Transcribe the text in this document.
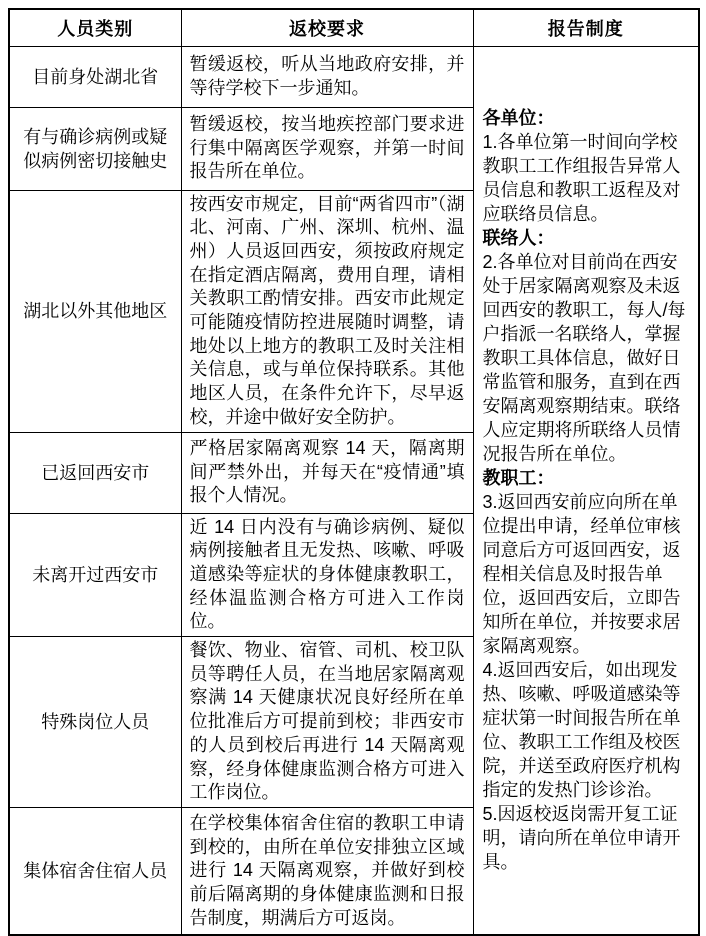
人员类别	返校要求	报告制度
目前身处湖北省	暂缓返校，听从当地政府安排，并等待学校下一步通知。	
各单位：
1.各单位第一时间向学校教职工工作组报告异常人员信息和教职工返程及对应联络员信息。
联络人：
2.各单位对目前尚在西安处于居家隔离观察及未返回西安的教职工，每人/每户指派一名联络人，掌握教职工具体信息，做好日常监管和服务，直到在西安隔离观察期结束。联络人应定期将所联络人员情况报告所在单位。
教职工：
3.返回西安前应向所在单位提出申请，经单位审核同意后方可返回西安，返程相关信息及时报告单位，返回西安后，立即告知所在单位，并按要求居家隔离观察。
4.返回西安后，如出现发热、咳嗽、呼吸道感染等症状第一时间报告所在单位、教职工工作组及校医院，并送至政府医疗机构指定的发热门诊诊治。
5.因返校返岗需开复工证明，请向所在单位申请开具。

有与确诊病例或疑似病例密切接触史	暂缓返校，按当地疾控部门要求进行集中隔离医学观察，并第一时间报告所在单位。	
湖北以外其他地区	按西安市规定，目前“两省四市”（湖北、河南、广州、深圳、杭州、温州）人员返回西安，须按政府规定在指定酒店隔离，费用自理，请相关教职工酌情安排。西安市此规定可能随疫情防控进展随时调整，请地处以上地方的教职工及时关注相关信息，或与单位保持联系。其他地区人员，在条件允许下，尽早返校，并途中做好安全防护。	
已返回西安市	严格居家隔离观察 14 天，隔离期间严禁外出，并每天在“疫情通”填报个人情况。	
未离开过西安市	近 14 日内没有与确诊病例、疑似病例接触者且无发热、咳嗽、呼吸道感染等症状的身体健康教职工，经体温监测合格方可进入工作岗位。	
特殊岗位人员	餐饮、物业、宿管、司机、校卫队员等聘任人员，在当地居家隔离观察满 14 天健康状况良好经所在单位批准后方可提前到校；非西安市的人员到校后再进行 14 天隔离观察，经身体健康监测合格方可进入工作岗位。	
集体宿舍住宿人员	在学校集体宿舍住宿的教职工申请到校的，由所在单位安排独立区域进行 14 天隔离观察，并做好到校前后隔离期的身体健康监测和日报告制度，期满后方可返岗。	
